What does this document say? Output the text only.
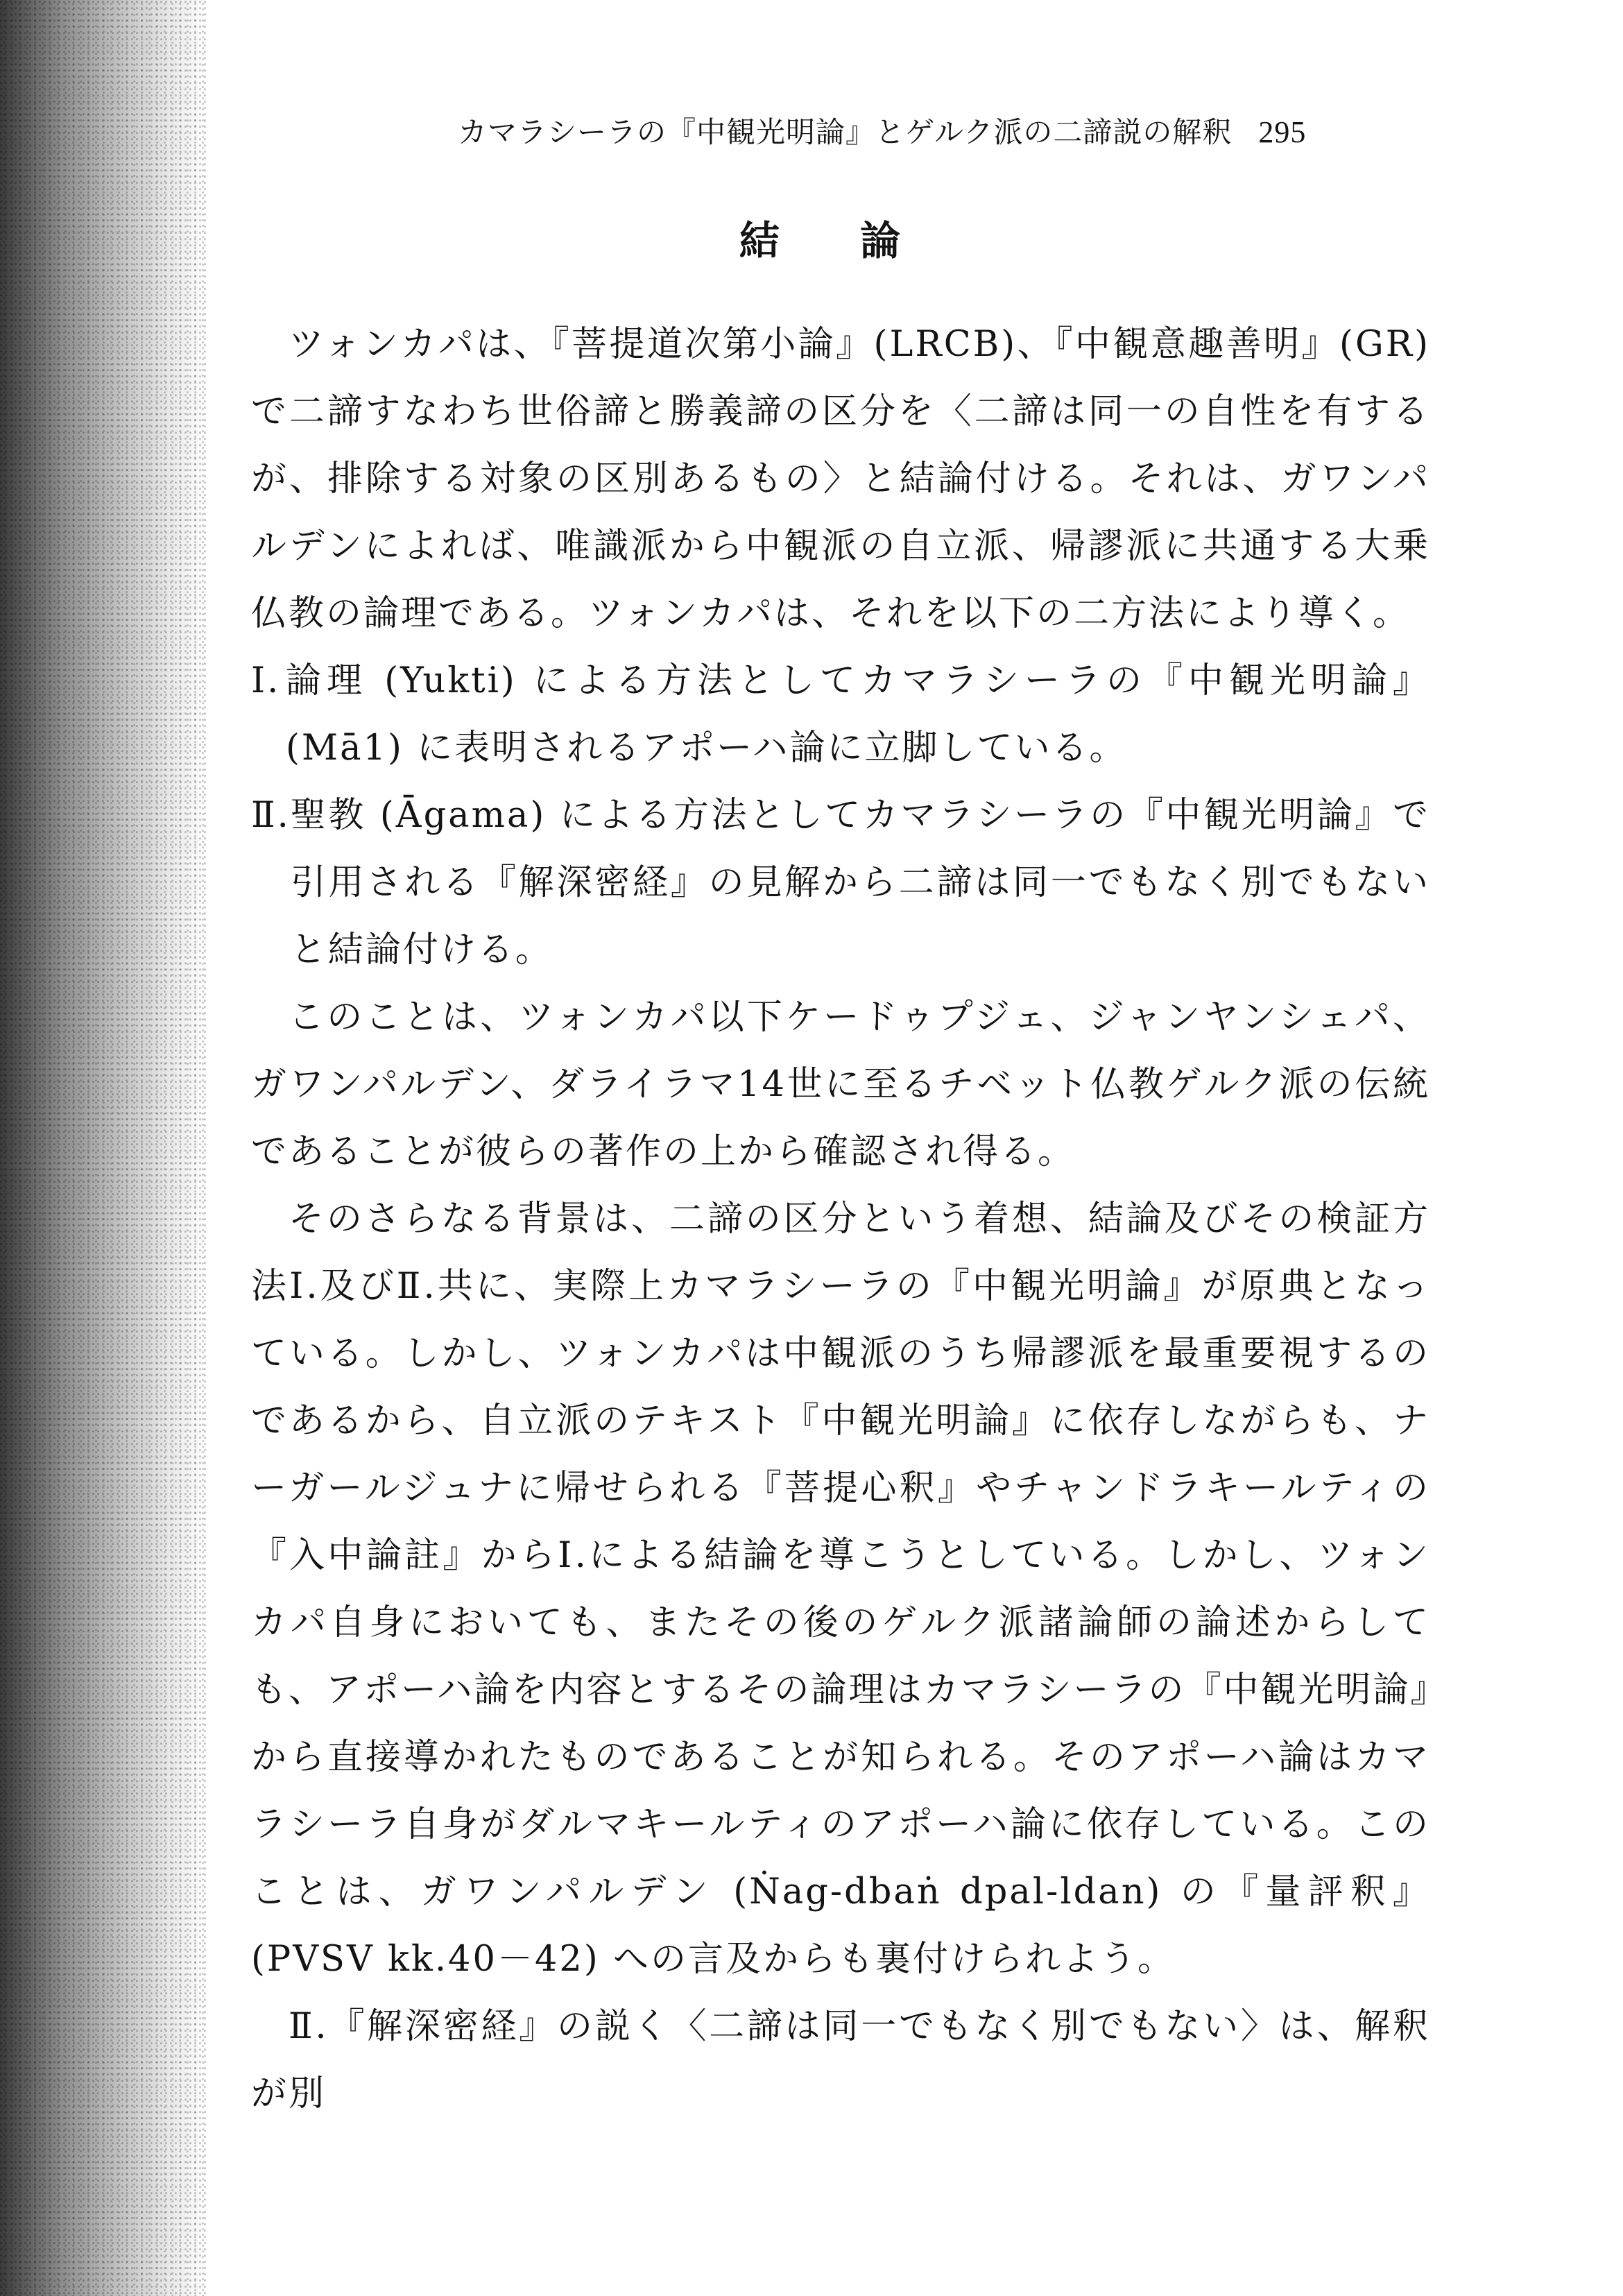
カマラシーラの『中観光明論』とゲルク派の二諦説の解釈 295
結 論

ツォンカパは、『菩提道次第小論』(LRCB)、『中観意趣善明』(GR) で二諦すなわち世俗諦と勝義諦の区分を〈二諦は同一の自性を有するが、排除する対象の区別あるもの〉と結論付ける。それは、ガワンパルデンによれば、唯識派から中観派の自立派、帰謬派に共通する大乗仏教の論理である。ツォンカパは、それを以下の二方法により導く。

Ⅰ. 論理 (Yukti) による方法としてカマラシーラの『中観光明論』(Mā1) に表明されるアポーハ論に立脚している。
Ⅱ. 聖教 (Āgama) による方法としてカマラシーラの『中観光明論』で引用される『解深密経』の見解から二諦は同一でもなく別でもないと結論付ける。

このことは、ツォンカパ以下ケードゥプジェ、ジャンヤンシェパ、ガワンパルデン、ダライラマ14世に至るチベット仏教ゲルク派の伝統であることが彼らの著作の上から確認され得る。

そのさらなる背景は、二諦の区分という着想、結論及びその検証方法Ⅰ.及びⅡ.共に、実際上カマラシーラの『中観光明論』が原典となっている。しかし、ツォンカパは中観派のうち帰謬派を最重要視するのであるから、自立派のテキスト『中観光明論』に依存しながらも、ナーガールジュナに帰せられる『菩提心釈』やチャンドラキールティの『入中論註』からⅠ.による結論を導こうとしている。しかし、ツォンカパ自身においても、またその後のゲルク派諸論師の論述からしても、アポーハ論を内容とするその論理はカマラシーラの『中観光明論』から直接導かれたものであることが知られる。そのアポーハ論はカマラシーラ自身がダルマキールティのアポーハ論に依存している。このことは、ガワンパルデン (Ṅag-dbaṅ dpal-ldan) の『量評釈』(PVSV kk.40－42) への言及からも裏付けられよう。

Ⅱ.『解深密経』の説く〈二諦は同一でもなく別でもない〉は、解釈が別
